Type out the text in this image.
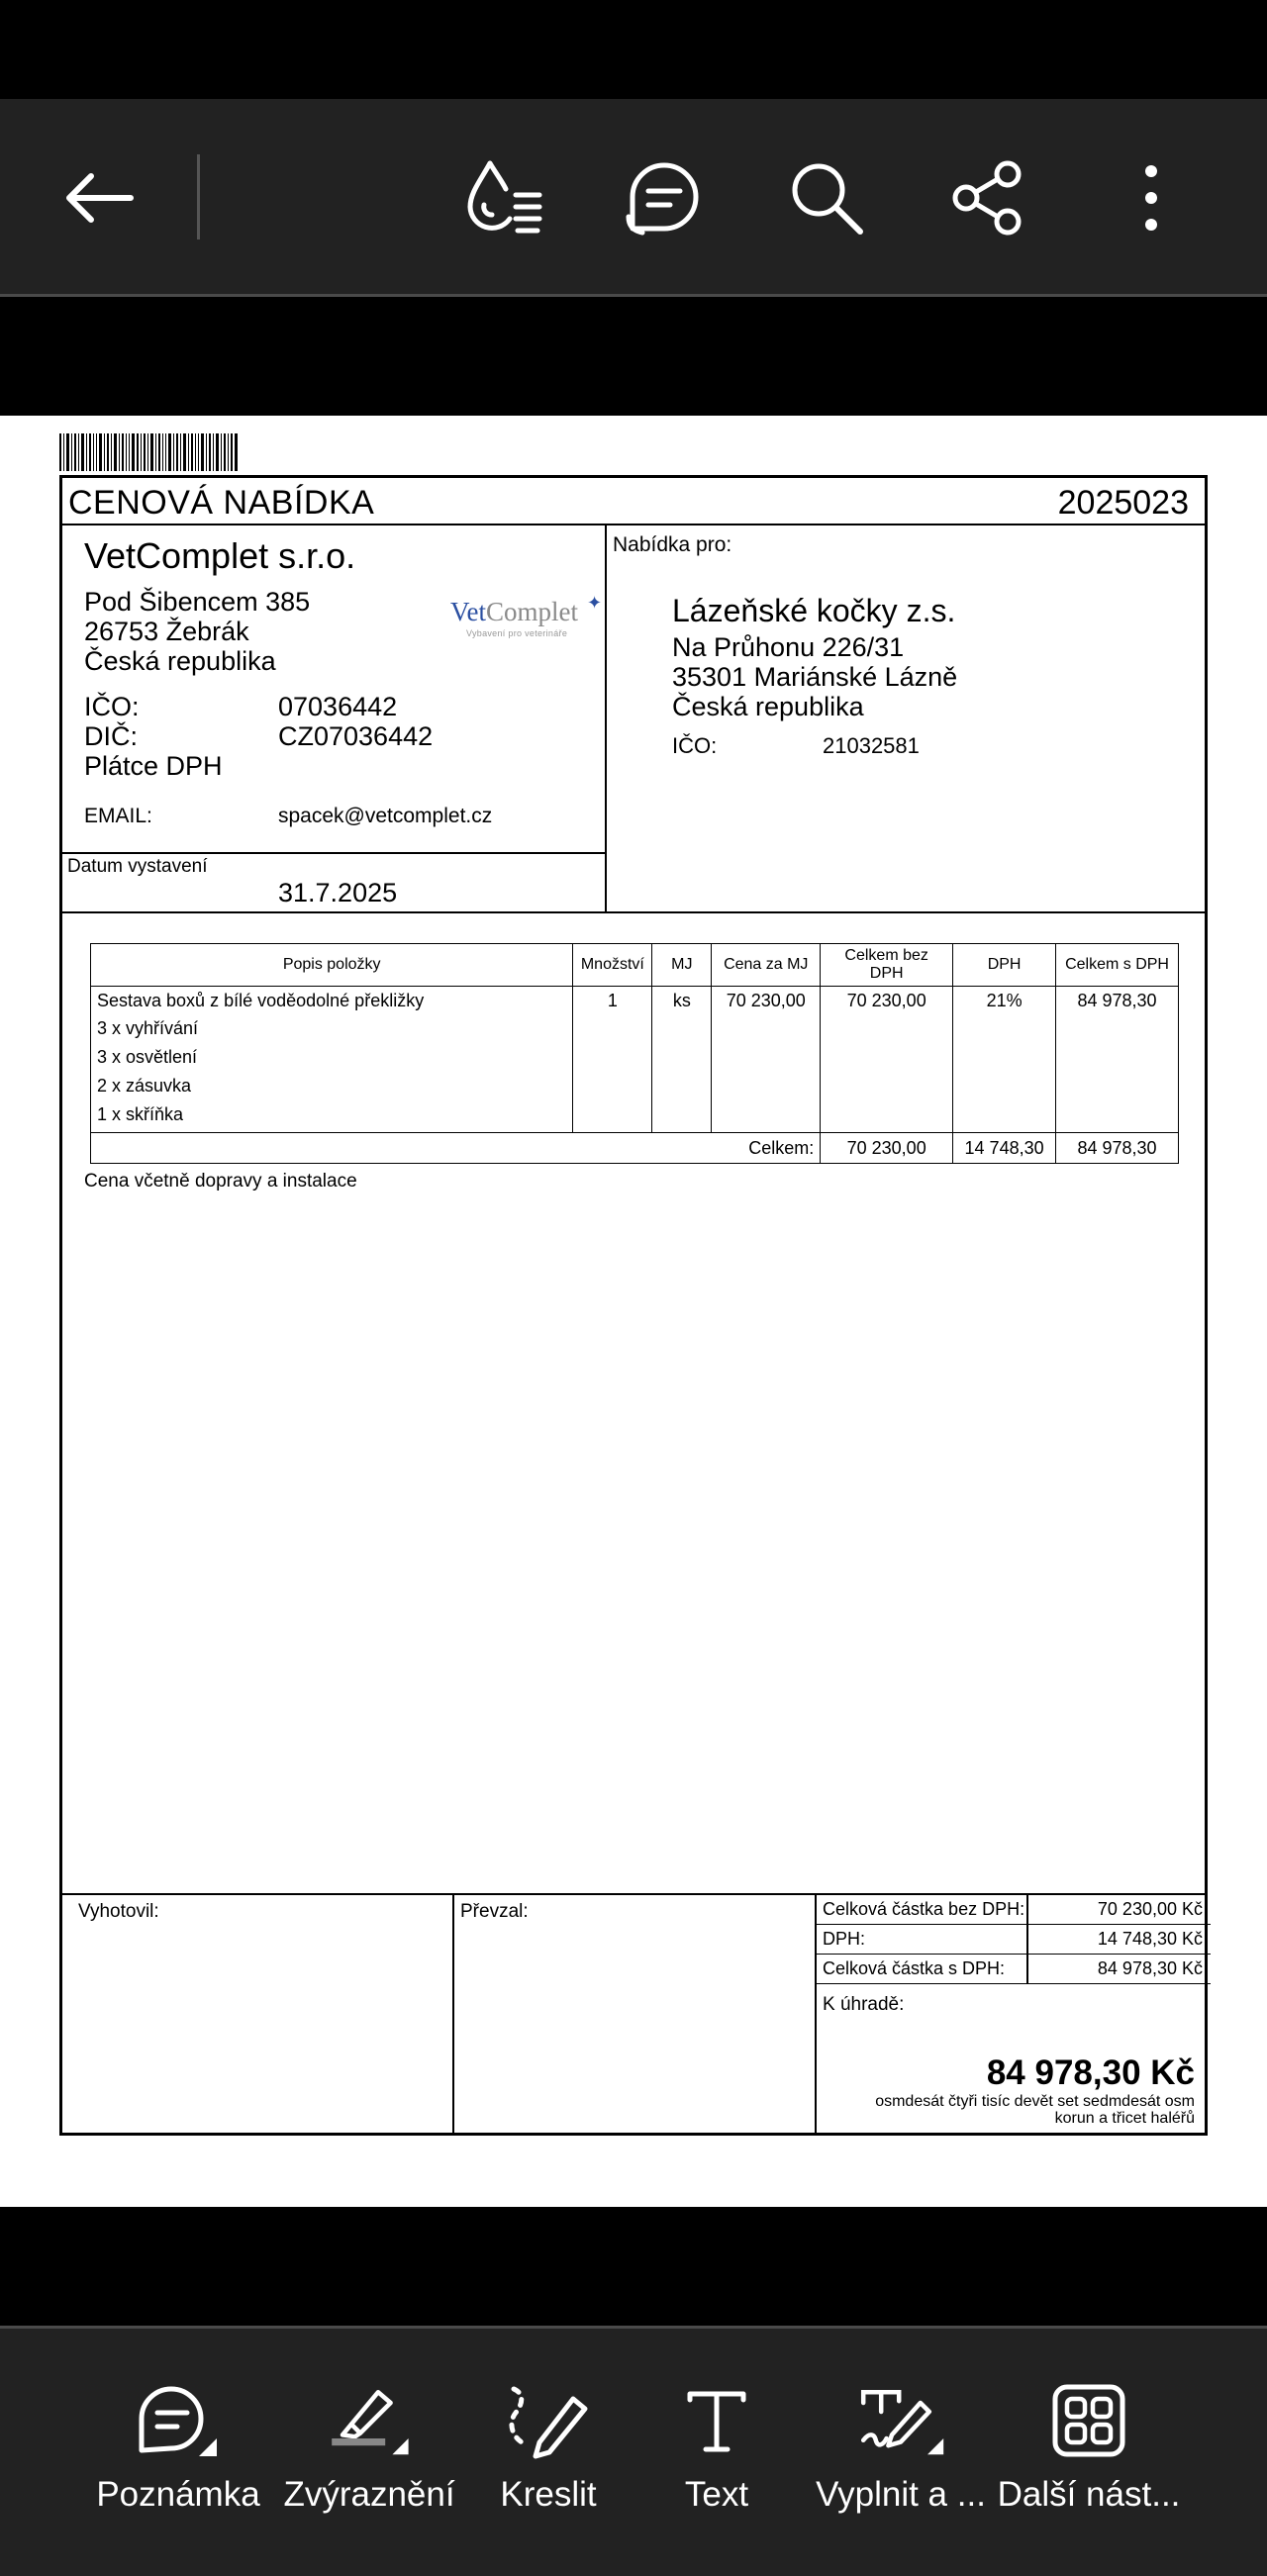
CENOVÁ NABÍDKA	2025023
VetComplet s.r.o.
Pod Šibencem 385
26753 Žebrák
Česká republika
IČO:	07036442
DIČ:	CZ07036442
Plátce DPH
EMAIL:	spacek@vetcomplet.cz
VetComplet ✦
Vybavení pro veterináře
Datum vystavení
31.7.2025
Nabídka pro:
Lázeňské kočky z.s.
Na Průhonu 226/31
35301 Mariánské Lázně
Česká republika
IČO:	21032581
Popis položky	Množství	MJ	Cena za MJ	Celkem bez DPH	DPH	Celkem s DPH
Sestava boxů z bílé voděodolné překližky	1	ks	70 230,00	70 230,00	21%	84 978,30
3 x vyhřívání						
3 x osvětlení						
2 x zásuvka						
1 x skříňka						
Celkem:				70 230,00	14 748,30	84 978,30
Cena včetně dopravy a instalace
Vyhotovil:	Převzal:	Celková částka bez DPH:	70 230,00 Kč
DPH:	14 748,30 Kč
Celková částka s DPH:	84 978,30 Kč
K úhradě:
84 978,30 Kč
osmdesát čtyři tisíc devět set sedmdesát osm
korun a třicet haléřů
Poznámka Zvýraznění	Kreslit	Text	Vyplnit a ... Další nást...
